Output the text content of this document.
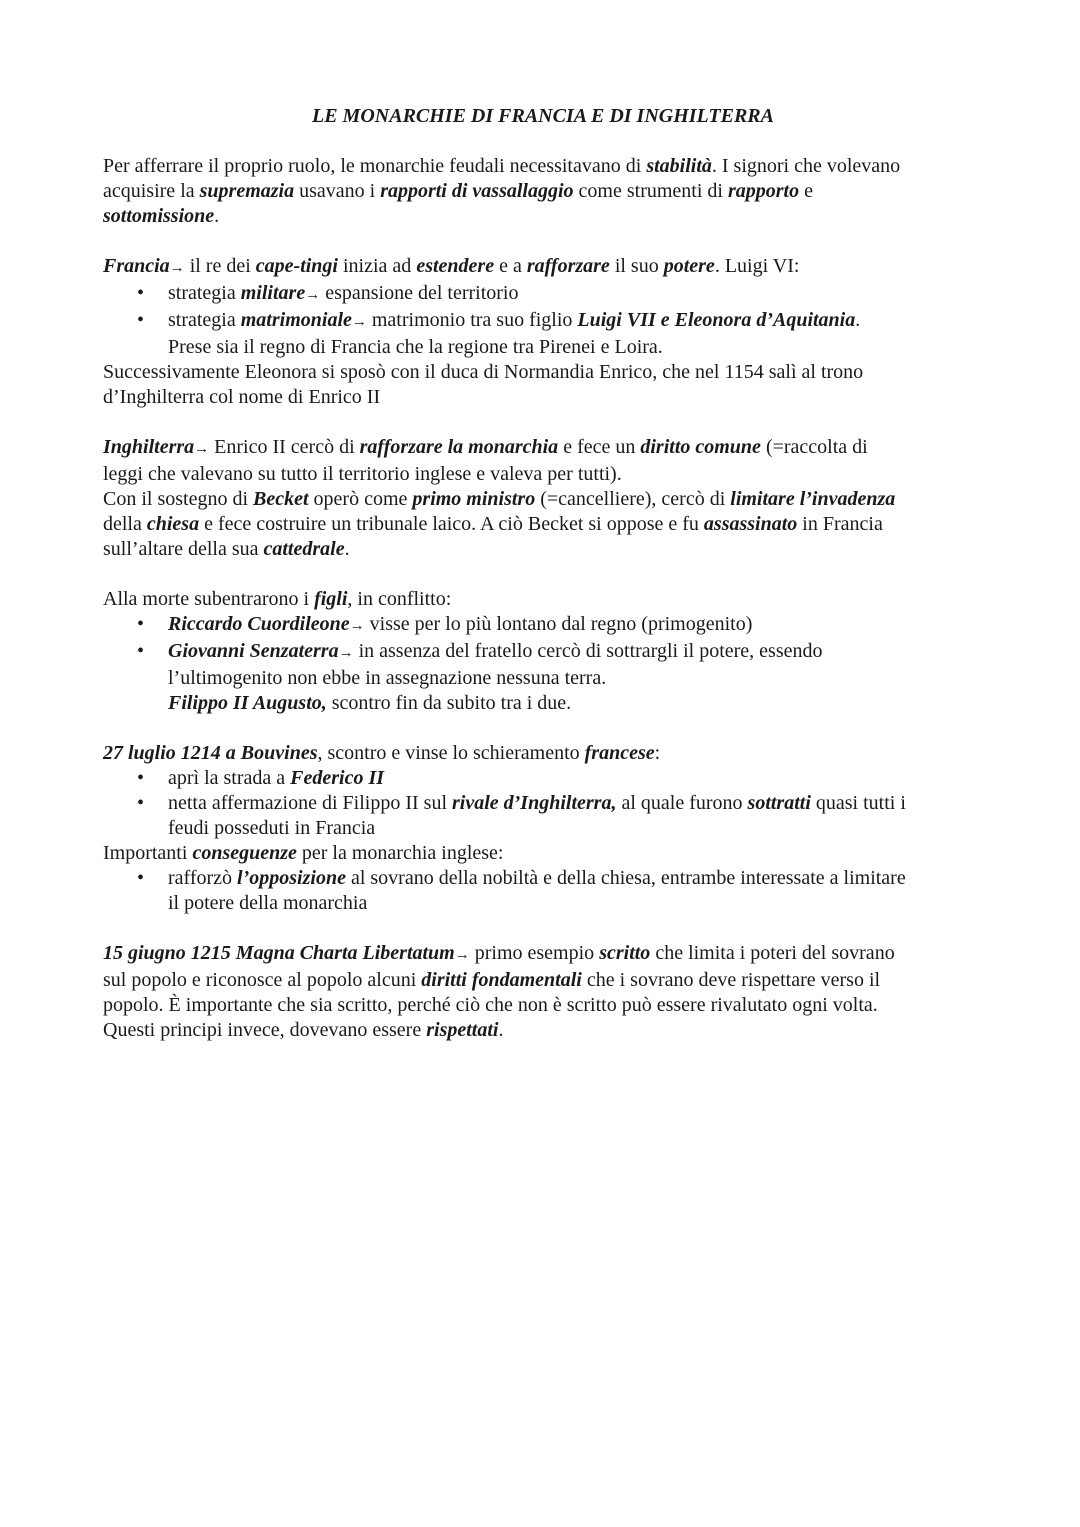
LE MONARCHIE DI FRANCIA E DI INGHILTERRA
Per afferrare il proprio ruolo, le monarchie feudali necessitavano di stabilità. I signori che volevano
acquisire la supremazia usavano i rapporti di vassallaggio come strumenti di rapporto e
sottomissione.
Francia→ il re dei cape-tingi inizia ad estendere e a rafforzare il suo potere. Luigi VI:
• strategia militare→ espansione del territorio
• strategia matrimoniale→ matrimonio tra suo figlio Luigi VII e Eleonora d’Aquitania.
Prese sia il regno di Francia che la regione tra Pirenei e Loira.
Successivamente Eleonora si sposò con il duca di Normandia Enrico, che nel 1154 salì al trono
d’Inghilterra col nome di Enrico II
Inghilterra→ Enrico II cercò di rafforzare la monarchia e fece un diritto comune (=raccolta di
leggi che valevano su tutto il territorio inglese e valeva per tutti).
Con il sostegno di Becket operò come primo ministro (=cancelliere), cercò di limitare l’invadenza
della chiesa e fece costruire un tribunale laico. A ciò Becket si oppose e fu assassinato in Francia
sull’altare della sua cattedrale.
Alla morte subentrarono i figli, in conflitto:
• Riccardo Cuordileone→ visse per lo più lontano dal regno (primogenito)
• Giovanni Senzaterra→ in assenza del fratello cercò di sottrargli il potere, essendo
l’ultimogenito non ebbe in assegnazione nessuna terra.
Filippo II Augusto, scontro fin da subito tra i due.
27 luglio 1214 a Bouvines, scontro e vinse lo schieramento francese:
• aprì la strada a Federico II
• netta affermazione di Filippo II sul rivale d’Inghilterra, al quale furono sottratti quasi tutti i
feudi posseduti in Francia
Importanti conseguenze per la monarchia inglese:
• rafforzò l’opposizione al sovrano della nobiltà e della chiesa, entrambe interessate a limitare
il potere della monarchia
15 giugno 1215 Magna Charta Libertatum→ primo esempio scritto che limita i poteri del sovrano
sul popolo e riconosce al popolo alcuni diritti fondamentali che i sovrano deve rispettare verso il
popolo. È importante che sia scritto, perché ciò che non è scritto può essere rivalutato ogni volta.
Questi principi invece, dovevano essere rispettati.
